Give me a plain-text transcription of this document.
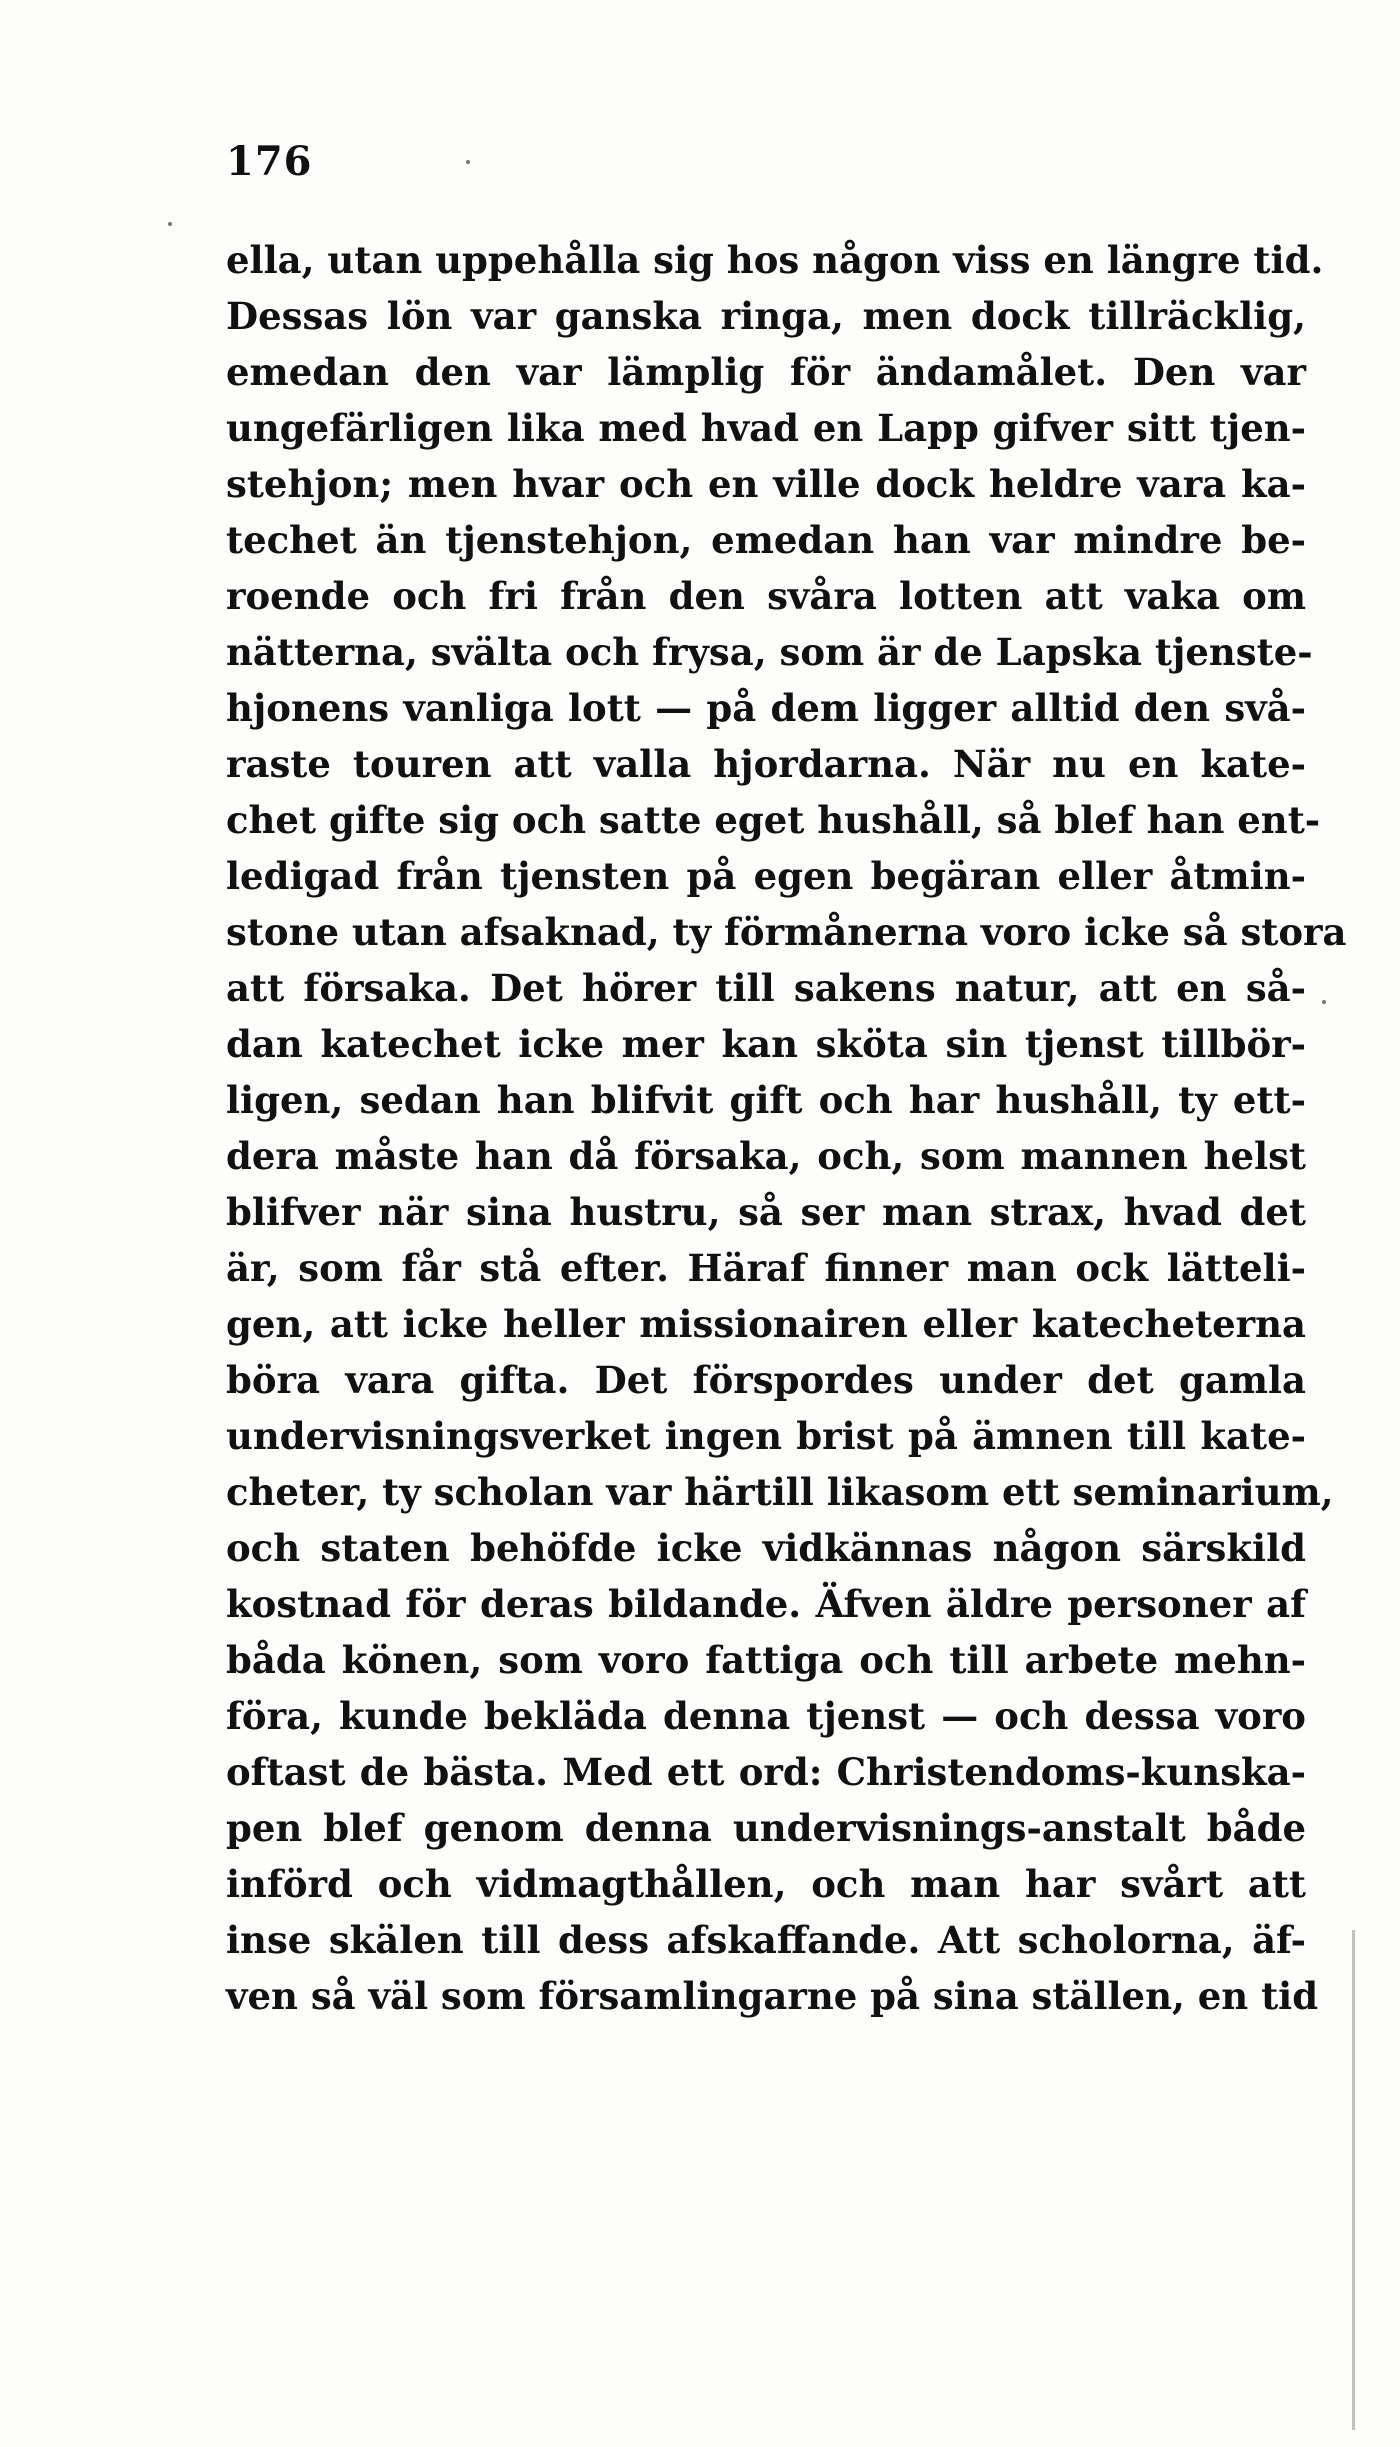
176
ella, utan uppehålla sig hos någon viss en längre tid.
Dessas lön var ganska ringa, men dock tillräcklig,
emedan den var lämplig för ändamålet. Den var
ungefärligen lika med hvad en Lapp gifver sitt tjen-
stehjon; men hvar och en ville dock heldre vara ka-
techet än tjenstehjon, emedan han var mindre be-
roende och fri från den svåra lotten att vaka om
nätterna, svälta och frysa, som är de Lapska tjenste-
hjonens vanliga lott — på dem ligger alltid den svå-
raste touren att valla hjordarna. När nu en kate-
chet gifte sig och satte eget hushåll, så blef han ent-
ledigad från tjensten på egen begäran eller åtmin-
stone utan afsaknad, ty förmånerna voro icke så stora
att försaka. Det hörer till sakens natur, att en så-
dan katechet icke mer kan sköta sin tjenst tillbör-
ligen, sedan han blifvit gift och har hushåll, ty ett-
dera måste han då försaka, och, som mannen helst
blifver när sina hustru, så ser man strax, hvad det
är, som får stå efter. Häraf finner man ock lätteli-
gen, att icke heller missionairen eller katecheterna
böra vara gifta. Det förspordes under det gamla
undervisningsverket ingen brist på ämnen till kate-
cheter, ty scholan var härtill likasom ett seminarium,
och staten behöfde icke vidkännas någon särskild
kostnad för deras bildande. Äfven äldre personer af
båda könen, som voro fattiga och till arbete mehn-
föra, kunde bekläda denna tjenst — och dessa voro
oftast de bästa. Med ett ord: Christendoms-kunska-
pen blef genom denna undervisnings-anstalt både
införd och vidmagthållen, och man har svårt att
inse skälen till dess afskaffande. Att scholorna, äf-
ven så väl som församlingarne på sina ställen, en tid
